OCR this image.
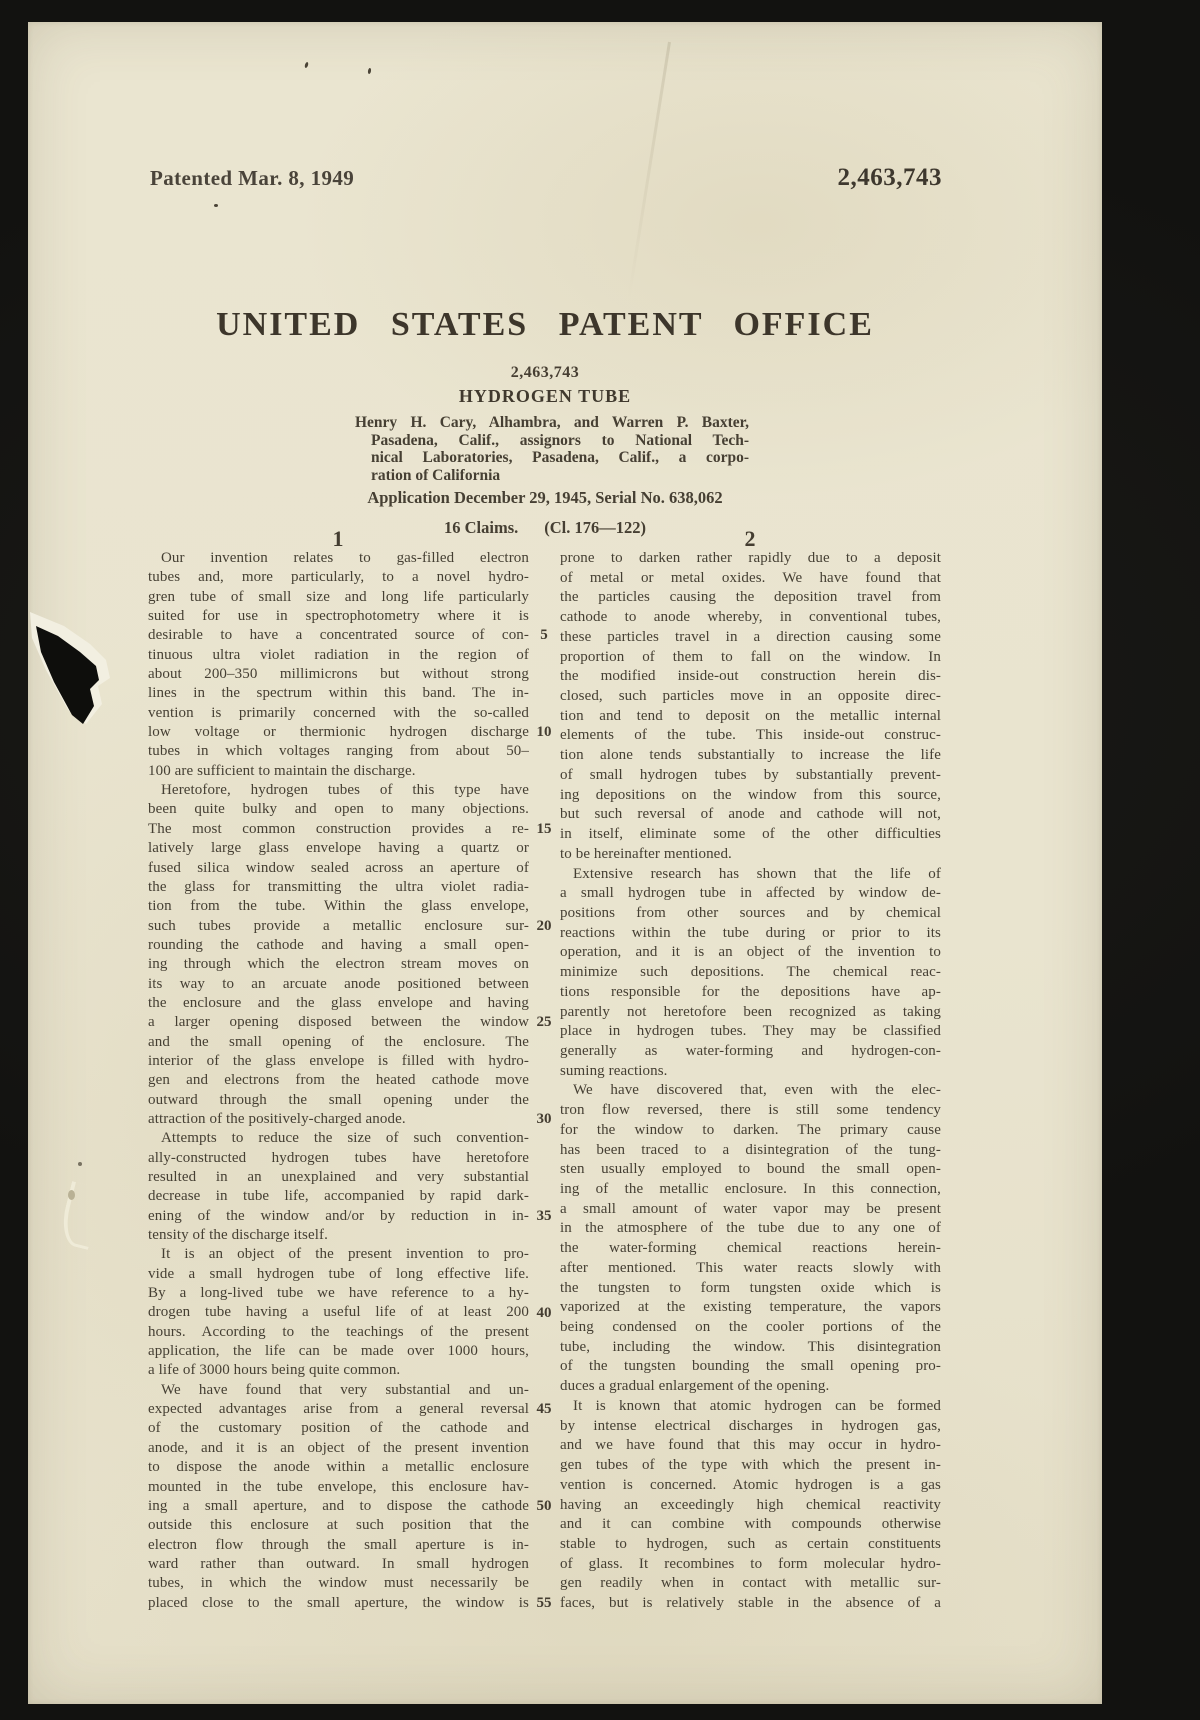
Patented Mar. 8, 1949	2,463,743
UNITED STATES PATENT OFFICE
2,463,743
HYDROGEN TUBE
Henry H. Cary, Alhambra, and Warren P. Baxter,
Pasadena, Calif., assignors to National Tech-
nical Laboratories, Pasadena, Calif., a corpo-
ration of California
Application December 29, 1945, Serial No. 638,062
16 Claims. (Cl. 176—122)
1	2
Our invention relates to gas-filled electron
tubes and, more particularly, to a novel hydro-
gren tube of small size and long life particularly
suited for use in spectrophotometry where it is
desirable to have a concentrated source of con-
tinuous ultra violet radiation in the region of
about 200–350 millimicrons but without strong
lines in the spectrum within this band. The in-
vention is primarily concerned with the so-called
low voltage or thermionic hydrogen discharge
tubes in which voltages ranging from about 50–
100 are sufficient to maintain the discharge.
Heretofore, hydrogen tubes of this type have
been quite bulky and open to many objections.
The most common construction provides a re-
latively large glass envelope having a quartz or
fused silica window sealed across an aperture of
the glass for transmitting the ultra violet radia-
tion from the tube. Within the glass envelope,
such tubes provide a metallic enclosure sur-
rounding the cathode and having a small open-
ing through which the electron stream moves on
its way to an arcuate anode positioned between
the enclosure and the glass envelope and having
a larger opening disposed between the window
and the small opening of the enclosure. The
interior of the glass envelope is filled with hydro-
gen and electrons from the heated cathode move
outward through the small opening under the
attraction of the positively-charged anode.
Attempts to reduce the size of such convention-
ally-constructed hydrogen tubes have heretofore
resulted in an unexplained and very substantial
decrease in tube life, accompanied by rapid dark-
ening of the window and/or by reduction in in-
tensity of the discharge itself.
It is an object of the present invention to pro-
vide a small hydrogen tube of long effective life.
By a long-lived tube we have reference to a hy-
drogen tube having a useful life of at least 200
hours. According to the teachings of the present
application, the life can be made over 1000 hours,
a life of 3000 hours being quite common.
We have found that very substantial and un-
expected advantages arise from a general reversal
of the customary position of the cathode and
anode, and it is an object of the present invention
to dispose the anode within a metallic enclosure
mounted in the tube envelope, this enclosure hav-
ing a small aperture, and to dispose the cathode
outside this enclosure at such position that the
electron flow through the small aperture is in-
ward rather than outward. In small hydrogen
tubes, in which the window must necessarily be
placed close to the small aperture, the window is
5
10
15
20
25
30
35
40
45
50
55
prone to darken rather rapidly due to a deposit
of metal or metal oxides. We have found that
the particles causing the deposition travel from
cathode to anode whereby, in conventional tubes,
these particles travel in a direction causing some
proportion of them to fall on the window. In
the modified inside-out construction herein dis-
closed, such particles move in an opposite direc-
tion and tend to deposit on the metallic internal
elements of the tube. This inside-out construc-
tion alone tends substantially to increase the life
of small hydrogen tubes by substantially prevent-
ing depositions on the window from this source,
but such reversal of anode and cathode will not,
in itself, eliminate some of the other difficulties
to be hereinafter mentioned.
Extensive research has shown that the life of
a small hydrogen tube in affected by window de-
positions from other sources and by chemical
reactions within the tube during or prior to its
operation, and it is an object of the invention to
minimize such depositions. The chemical reac-
tions responsible for the depositions have ap-
parently not heretofore been recognized as taking
place in hydrogen tubes. They may be classified
generally as water-forming and hydrogen-con-
suming reactions.
We have discovered that, even with the elec-
tron flow reversed, there is still some tendency
for the window to darken. The primary cause
has been traced to a disintegration of the tung-
sten usually employed to bound the small open-
ing of the metallic enclosure. In this connection,
a small amount of water vapor may be present
in the atmosphere of the tube due to any one of
the water-forming chemical reactions herein-
after mentioned. This water reacts slowly with
the tungsten to form tungsten oxide which is
vaporized at the existing temperature, the vapors
being condensed on the cooler portions of the
tube, including the window. This disintegration
of the tungsten bounding the small opening pro-
duces a gradual enlargement of the opening.
It is known that atomic hydrogen can be formed
by intense electrical discharges in hydrogen gas,
and we have found that this may occur in hydro-
gen tubes of the type with which the present in-
vention is concerned. Atomic hydrogen is a gas
having an exceedingly high chemical reactivity
and it can combine with compounds otherwise
stable to hydrogen, such as certain constituents
of glass. It recombines to form molecular hydro-
gen readily when in contact with metallic sur-
faces, but is relatively stable in the absence of a
